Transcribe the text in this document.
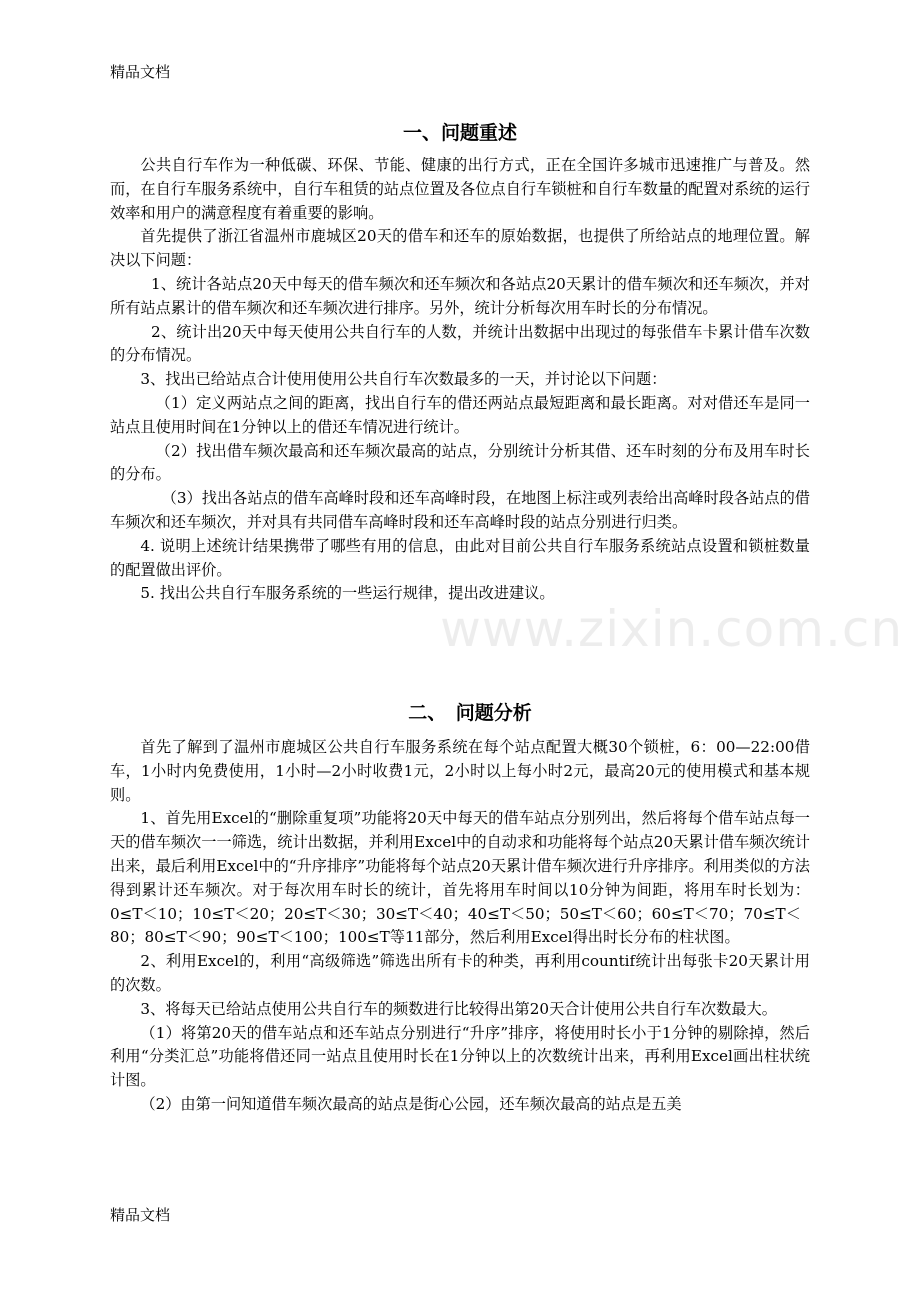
精品文档
www.zixin.com.cn
一、问题重述

公共自行车作为一种低碳、环保、节能、健康的出行方式，正在全国许多城市迅速推广与普及。然而，在自行车服务系统中，自行车租赁的站点位置及各位点自行车锁桩和自行车数量的配置对系统的运行效率和用户的满意程度有着重要的影响。

首先提供了浙江省温州市鹿城区20天的借车和还车的原始数据，也提供了所给站点的地理位置。解决以下问题：

1、统计各站点20天中每天的借车频次和还车频次和各站点20天累计的借车频次和还车频次，并对所有站点累计的借车频次和还车频次进行排序。另外，统计分析每次用车时长的分布情况。

2、统计出20天中每天使用公共自行车的人数，并统计出数据中出现过的每张借车卡累计借车次数的分布情况。

3、找出已给站点合计使用使用公共自行车次数最多的一天，并讨论以下问题：

（1）定义两站点之间的距离，找出自行车的借还两站点最短距离和最长距离。对对借还车是同一站点且使用时间在1分钟以上的借还车情况进行统计。

（2）找出借车频次最高和还车频次最高的站点，分别统计分析其借、还车时刻的分布及用车时长的分布。

（3）找出各站点的借车高峰时段和还车高峰时段，在地图上标注或列表给出高峰时段各站点的借车频次和还车频次，并对具有共同借车高峰时段和还车高峰时段的站点分别进行归类。

4. 说明上述统计结果携带了哪些有用的信息，由此对目前公共自行车服务系统站点设置和锁桩数量的配置做出评价。

5. 找出公共自行车服务系统的一些运行规律，提出改进建议。

二、　问题分析

首先了解到了温州市鹿城区公共自行车服务系统在每个站点配置大概30个锁桩，6：00—22:00借车，1小时内免费使用，1小时—2小时收费1元，2小时以上每小时2元，最高20元的使用模式和基本规则。

1、首先用Excel的“删除重复项”功能将20天中每天的借车站点分别列出，然后将每个借车站点每一天的借车频次一一筛选，统计出数据，并利用Excel中的自动求和功能将每个站点20天累计借车频次统计出来，最后利用Excel中的“升序排序”功能将每个站点20天累计借车频次进行升序排序。利用类似的方法得到累计还车频次。对于每次用车时长的统计，首先将用车时间以10分钟为间距，将用车时长划为：0≤T＜10；10≤T＜20；20≤T＜30；30≤T＜40；40≤T＜50；50≤T＜60；60≤T＜70；70≤T＜80；80≤T＜90；90≤T＜100；100≤T等11部分，然后利用Excel得出时长分布的柱状图。

2、利用Excel的，利用“高级筛选”筛选出所有卡的种类，再利用countif统计出每张卡20天累计用的次数。

3、将每天已给站点使用公共自行车的频数进行比较得出第20天合计使用公共自行车次数最大。

（1）将第20天的借车站点和还车站点分别进行“升序”排序，将使用时长小于1分钟的剔除掉，然后利用“分类汇总”功能将借还同一站点且使用时长在1分钟以上的次数统计出来，再利用Excel画出柱状统计图。

（2）由第一问知道借车频次最高的站点是街心公园，还车频次最高的站点是五美

精品文档
